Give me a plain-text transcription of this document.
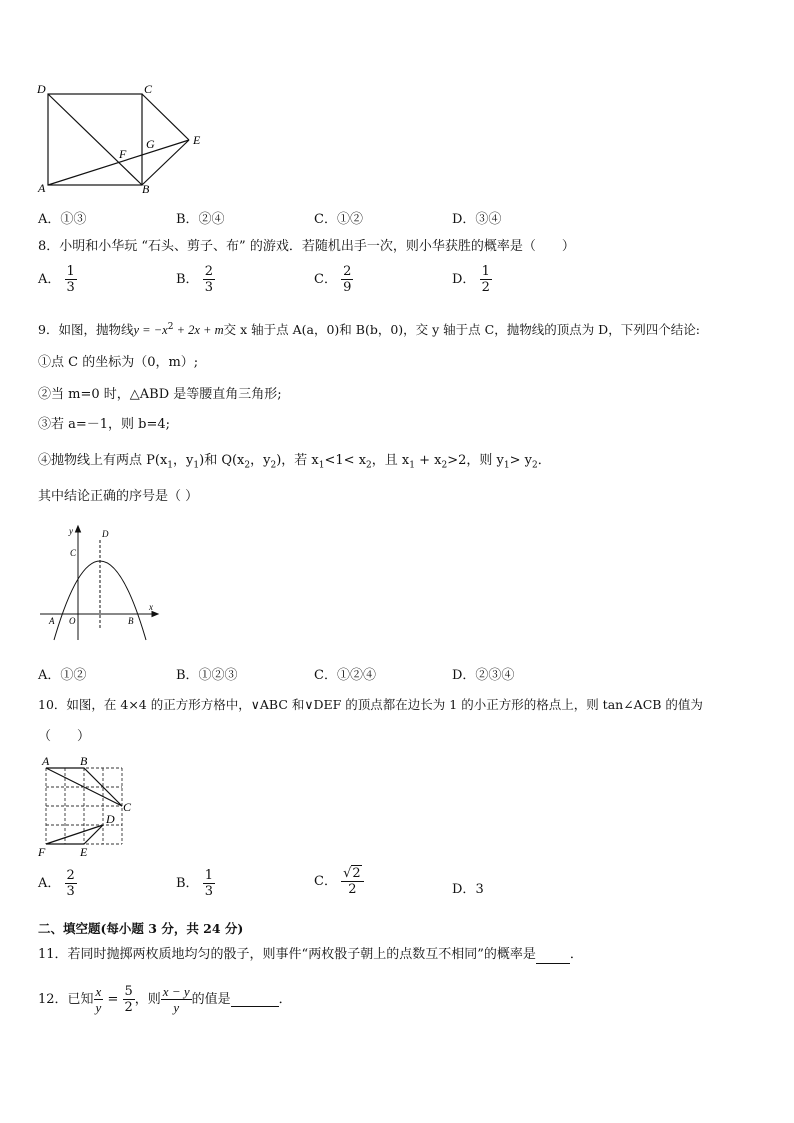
D	C
E
F
G
A	B
A．①③	B．②④	C．①②	D．③④
8．小明和小华玩 “石头、剪子、布” 的游戏．若随机出手一次，则小华获胜的概率是（　　）
A． $\frac{1}{3}$	B． $\frac{2}{3}$	C． $\frac{2}{9}$	D． $\frac{1}{2}$
9．如图，抛物线$y = -x^2 + 2x + m$交 x 轴于点 A(a，0)和 B(b，0)，交 y 轴于点 C，抛物线的顶点为 D，下列四个结论:
①点 C 的坐标为（0，m）;
②当 m=0 时，△ABD 是等腰直角三角形;
③若 a=－1，则 b=4;
④抛物线上有两点 $P(x_1$，$y_1$)和 $Q(x_2$，$y_2$)，若 $x_1<1< x_2$，且 $x_1 + x_2>2$，则 $y_1> y_2$．
其中结论正确的序号是（ ）
y
x
D
C
A O	B
A．①②	B．①②③	C．①②④	D．②③④
10．如图，在 4×4 的正方形方格中，∨ABC 和∨DEF 的顶点都在边长为 1 的小正方形的格点上，则 tan∠ACB 的值为
（　　）
A	B
C
D
E
F
A． $\frac{2}{3}$	B． $\frac{1}{3}$	C． $\frac{√2}{2}$	D．3
二、填空题(每小题 3 分，共 24 分)
11．若同时抛掷两枚质地均匀的骰子，则事件“两枚骰子朝上的点数互不相同”的概率是	．
12．已知 $\frac{x}{y} = \frac{5}{2}$ ，则 $\frac{x - y}{y}$ 的值是	．
